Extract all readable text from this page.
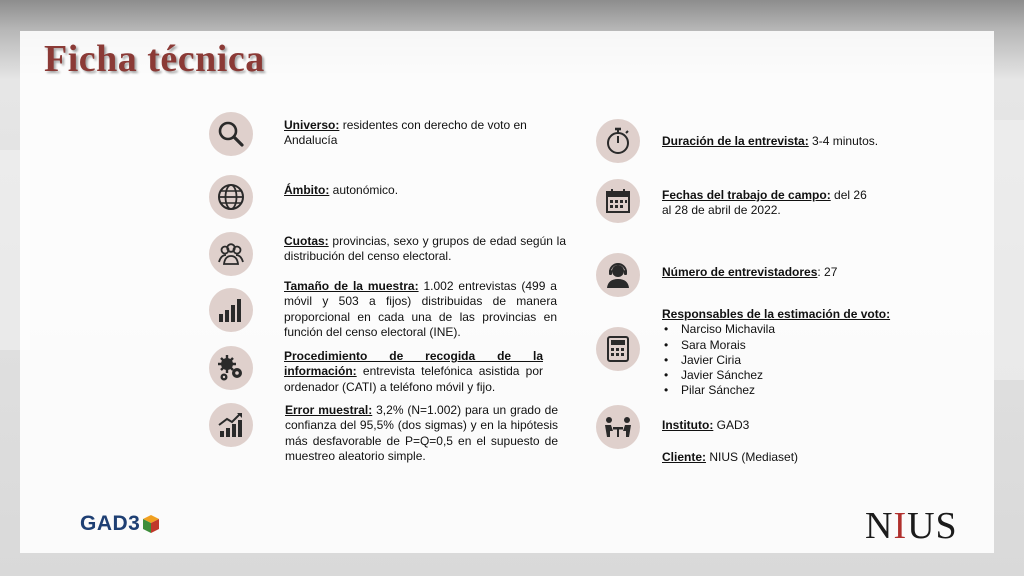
Ficha técnica
Universo: residentes con derecho de voto en Andalucía
Ámbito: autonómico.
Cuotas: provincias, sexo y grupos de edad según la distribución del censo electoral.
Tamaño de la muestra: 1.002 entrevistas (499 a móvil y 503 a fijos) distribuidas de manera proporcional en cada una de las provincias en función del censo electoral (INE).
Procedimiento de recogida de la información: entrevista telefónica asistida por ordenador (CATI) a teléfono móvil y fijo.
Error muestral: 3,2% (N=1.002) para un grado de confianza del 95,5% (dos sigmas) y en la hipótesis más desfavorable de P=Q=0,5 en el supuesto de muestreo aleatorio simple.
Duración de la entrevista: 3-4 minutos.
Fechas del trabajo de campo: del 26 al 28 de abril de 2022.
Número de entrevistadores: 27
Responsables de la estimación de voto:
• Narciso Michavila
• Sara Morais
• Javier Ciria
• Javier Sánchez
• Pilar Sánchez
Instituto: GAD3
Cliente: NIUS (Mediaset)
GAD3	NIUS
